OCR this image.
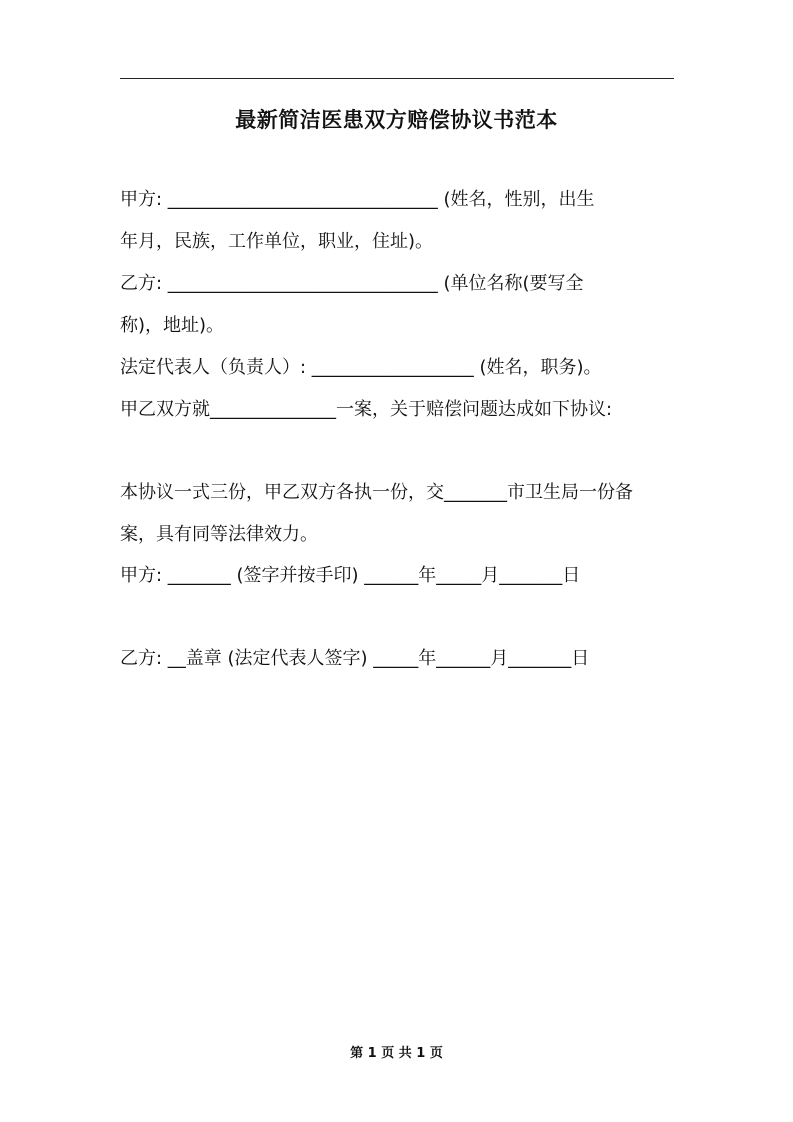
最新简洁医患双方赔偿协议书范本
甲方: ______________________________ (姓名，性别，出生
年月，民族，工作单位，职业，住址)。
乙方: ______________________________ (单位名称(要写全
称)，地址)。
法定代表人（负责人）: __________________ (姓名，职务)。
甲乙双方就______________一案，关于赔偿问题达成如下协议:
本协议一式三份，甲乙双方各执一份，交_______市卫生局一份备
案，具有同等法律效力。
甲方: _______ (签字并按手印) ______年_____月_______日
乙方: __盖章 (法定代表人签字) _____年______月_______日
第 1 页 共 1 页
